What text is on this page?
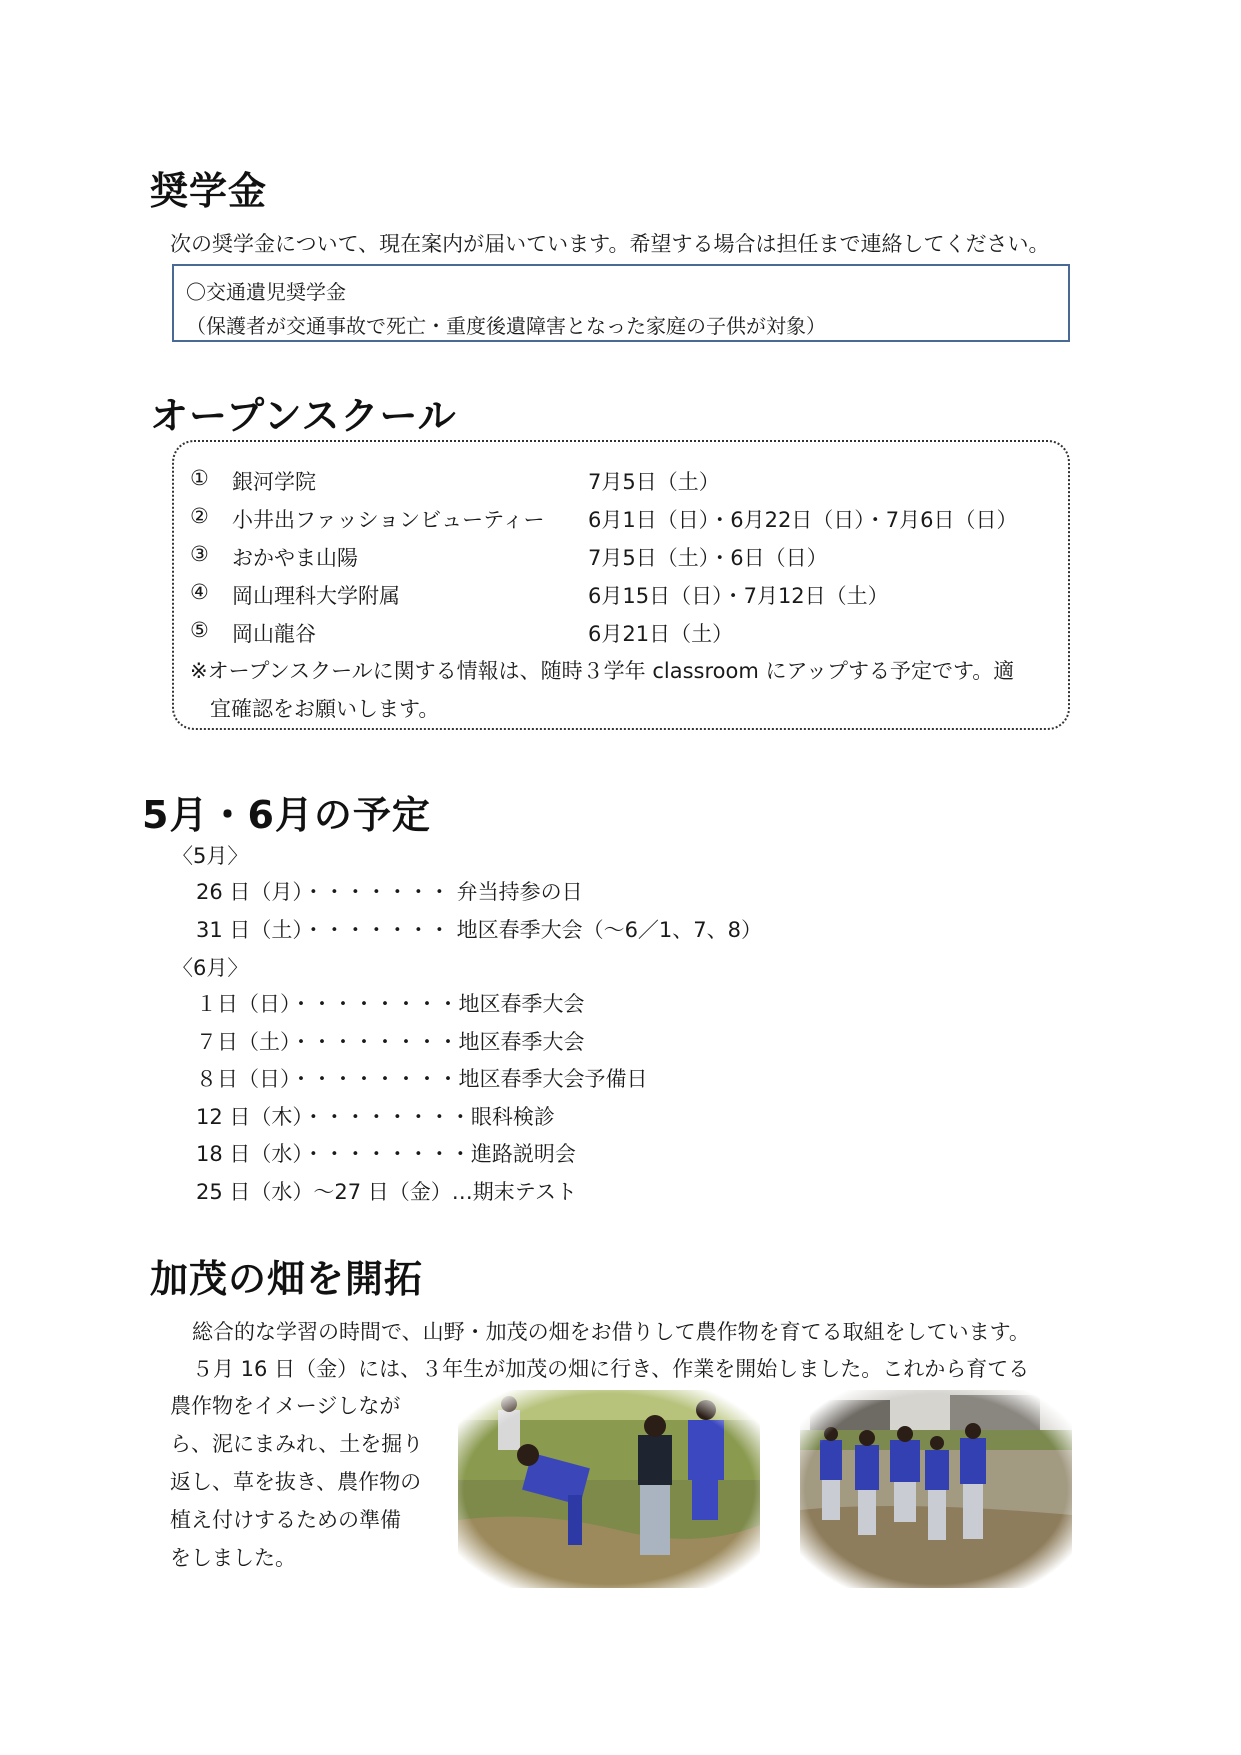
奨学金
次の奨学金について、現在案内が届いています。希望する場合は担任まで連絡してください。
〇交通遺児奨学金
（保護者が交通事故で死亡・重度後遺障害となった家庭の子供が対象）
オープンスクール
①	銀河学院	7月5日（土）
②	小井出ファッションビューティー 6月1日（日）・6月22日（日）・7月6日（日）
③	おかやま山陽	7月5日（土）・6日（日）
④	岡山理科大学附属	6月15日（日）・7月12日（土）
⑤	岡山龍谷	6月21日（土）
※オープンスクールに関する情報は、随時３学年 classroom にアップする予定です。適
宜確認をお願いします。
5月・6月の予定
〈5月〉
26 日（月）・・・・・・・ 弁当持参の日
31 日（土）・・・・・・・ 地区春季大会（～6／1、7、8）
〈6月〉
１日（日）・・・・・・・・地区春季大会
７日（土）・・・・・・・・地区春季大会
８日（日）・・・・・・・・地区春季大会予備日
12 日（木）・・・・・・・・眼科検診
18 日（水）・・・・・・・・進路説明会
25 日（水）～27 日（金）…期末テスト
加茂の畑を開拓
総合的な学習の時間で、山野・加茂の畑をお借りして農作物を育てる取組をしています。
５月 16 日（金）には、３年生が加茂の畑に行き、作業を開始しました。これから育てる
農作物をイメージしなが
ら、泥にまみれ、土を掘り
返し、草を抜き、農作物の
植え付けするための準備
をしました。
